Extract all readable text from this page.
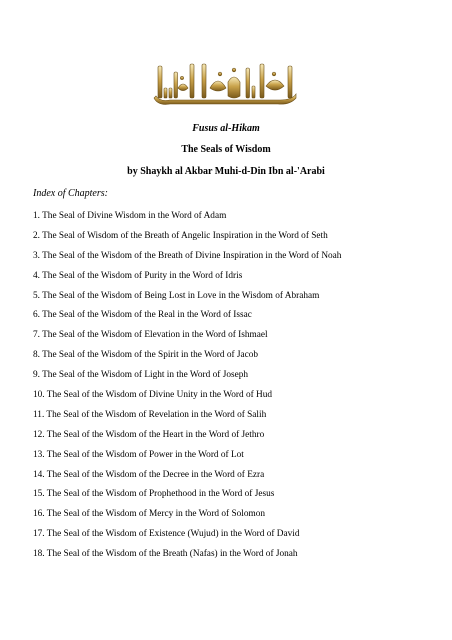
Fusus al-Hikam

The Seals of Wisdom

by Shaykh al Akbar Muhi-d-Din Ibn al-'Arabi

Index of Chapters:

1. The Seal of Divine Wisdom in the Word of Adam
2. The Seal of Wisdom of the Breath of Angelic Inspiration in the Word of Seth
3. The Seal of the Wisdom of the Breath of Divine Inspiration in the Word of Noah
4. The Seal of the Wisdom of Purity in the Word of Idris
5. The Seal of the Wisdom of Being Lost in Love in the Wisdom of Abraham
6. The Seal of the Wisdom of the Real in the Word of Issac
7. The Seal of the Wisdom of Elevation in the Word of Ishmael
8. The Seal of the Wisdom of the Spirit in the Word of Jacob
9. The Seal of the Wisdom of Light in the Word of Joseph
10. The Seal of the Wisdom of Divine Unity in the Word of Hud
11. The Seal of the Wisdom of Revelation in the Word of Salih
12. The Seal of the Wisdom of the Heart in the Word of Jethro
13. The Seal of the Wisdom of Power in the Word of Lot
14. The Seal of the Wisdom of the Decree in the Word of Ezra
15. The Seal of the Wisdom of Prophethood in the Word of Jesus
16. The Seal of the Wisdom of Mercy in the Word of Solomon
17. The Seal of the Wisdom of Existence (Wujud) in the Word of David
18. The Seal of the Wisdom of the Breath (Nafas) in the Word of Jonah
